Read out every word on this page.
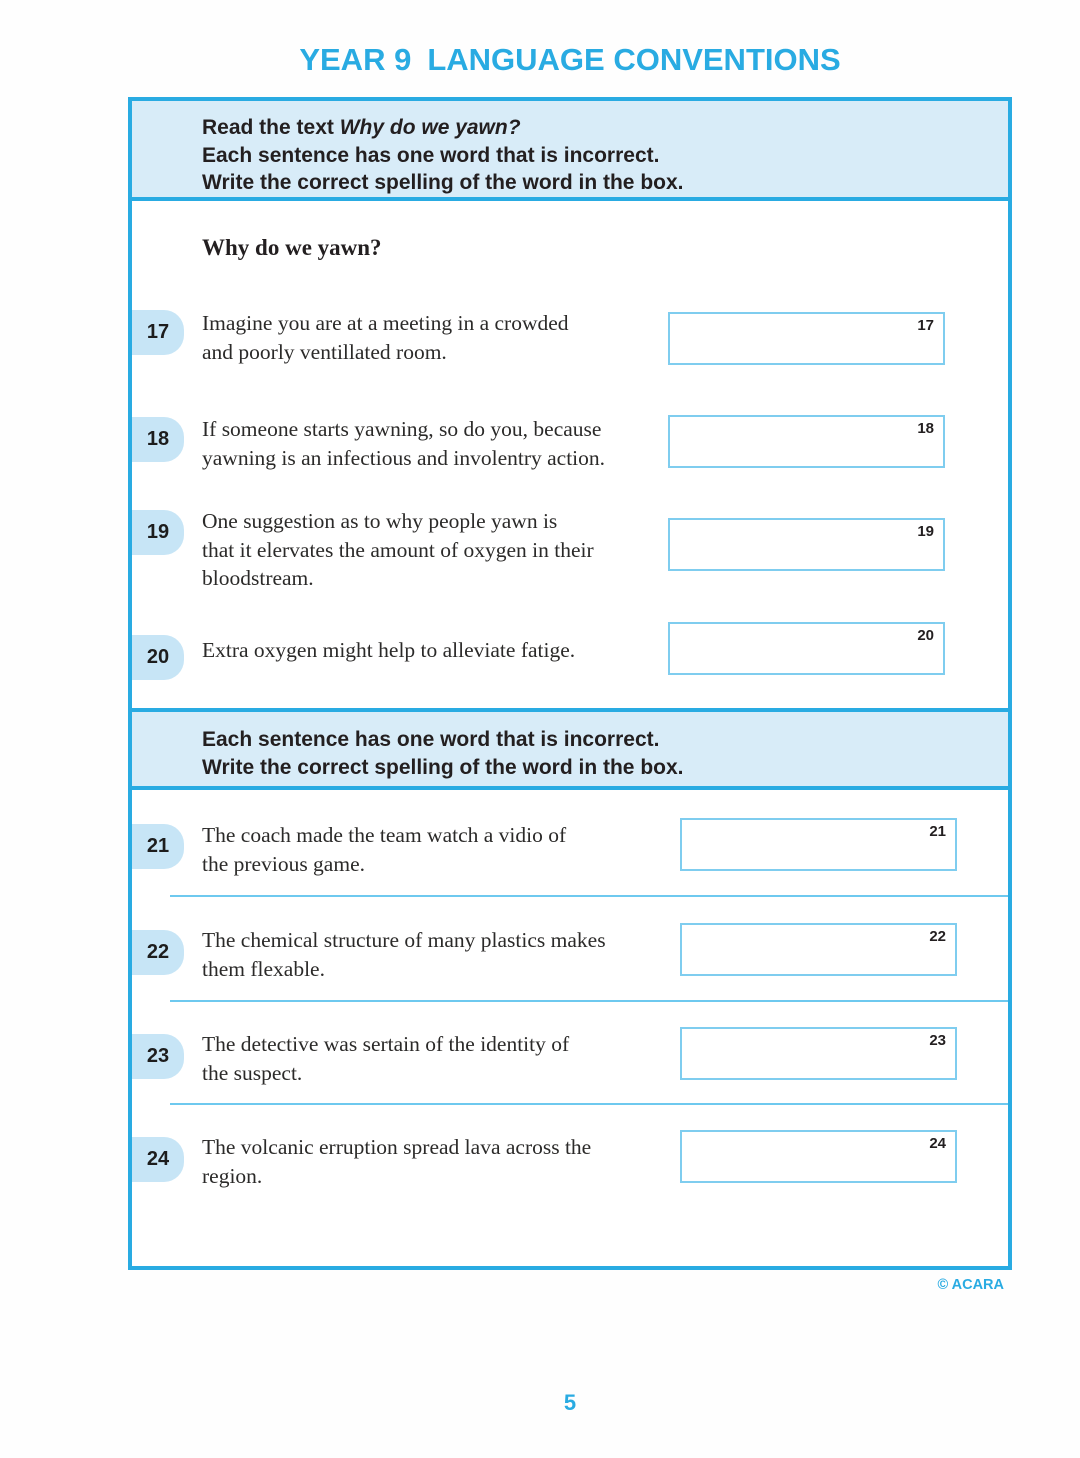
YEAR 9 LANGUAGE CONVENTIONS

Read the text Why do we yawn?

Each sentence has one word that is incorrect.

Write the correct spelling of the word in the box.

Why do we yawn?
17	Imagine you are at a meeting in a crowded
and poorly ventillated room.
17
18	If someone starts yawning, so do you, because
yawning is an infectious and involentry action.
18
19	One suggestion as to why people yawn is
that it elervates the amount of oxygen in their
bloodstream.
19
20	Extra oxygen might help to alleviate fatige.
20

Each sentence has one word that is incorrect.

Write the correct spelling of the word in the box.

21	The coach made the team watch a vidio of
the previous game.
21
22	The chemical structure of many plastics makes
them flexable.
22
23	The detective was sertain of the identity of
the suspect.
23
24	The volcanic erruption spread lava across the
region.
24
© ACARA
5
